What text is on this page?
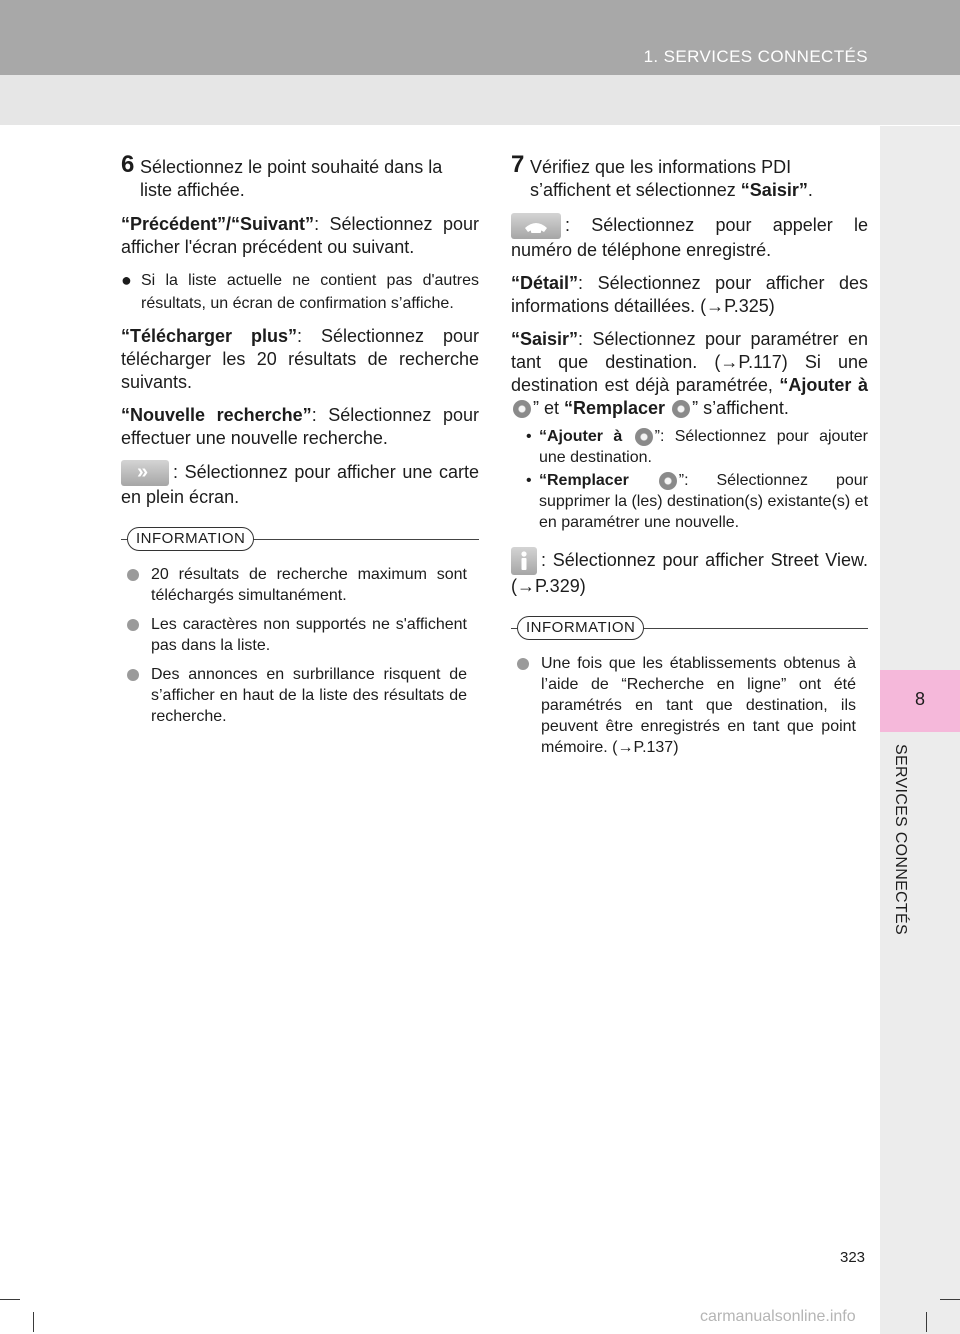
1. SERVICES CONNECTÉS
8
SERVICES CONNECTÉS

6 Sélectionnez le point souhaité dans la liste affichée.

“Précédent”/“Suivant”: Sélectionnez pour afficher l'écran précédent ou suivant.

● Si la liste actuelle ne contient pas d'autres résultats, un écran de confirmation s’affiche.

“Télécharger plus”: Sélectionnez pour télécharger les 20 résultats de recherche suivants.

“Nouvelle recherche”: Sélectionnez pour effectuer une nouvelle recherche.

» : Sélectionnez pour afficher une carte en plein écran.

INFORMATION
20 résultats de recherche maximum sont téléchargés simultanément.
Les caractères non supportés ne s'affichent pas dans la liste.
Des annonces en surbrillance risquent de s’afficher en haut de la liste des résultats de recherche.

7 Vérifiez que les informations PDI s’affichent et sélectionnez “Saisir”.

: Sélectionnez pour appeler le numéro de téléphone enregistré.

“Détail”: Sélectionnez pour afficher des informations détaillées. (→P.325)

“Saisir”: Sélectionnez pour paramétrer en tant que destination. (→P.117) Si une destination est déjà paramétrée, “Ajouter à ” et “Remplacer ” s’affichent.

• “Ajouter à ”: Sélectionnez pour ajouter une destination.
• “Remplacer	”: Sélectionnez pour supprimer la (les) destination(s) existante(s) et en paramétrer une nouvelle.

: Sélectionnez pour afficher Street View. (→P.329)

INFORMATION
Une fois que les établissements obtenus à l’aide de “Recherche en ligne” ont été paramétrés en tant que destination, ils peuvent être enregistrés en tant que point mémoire. (→P.137)
323
carmanualsonline.info
